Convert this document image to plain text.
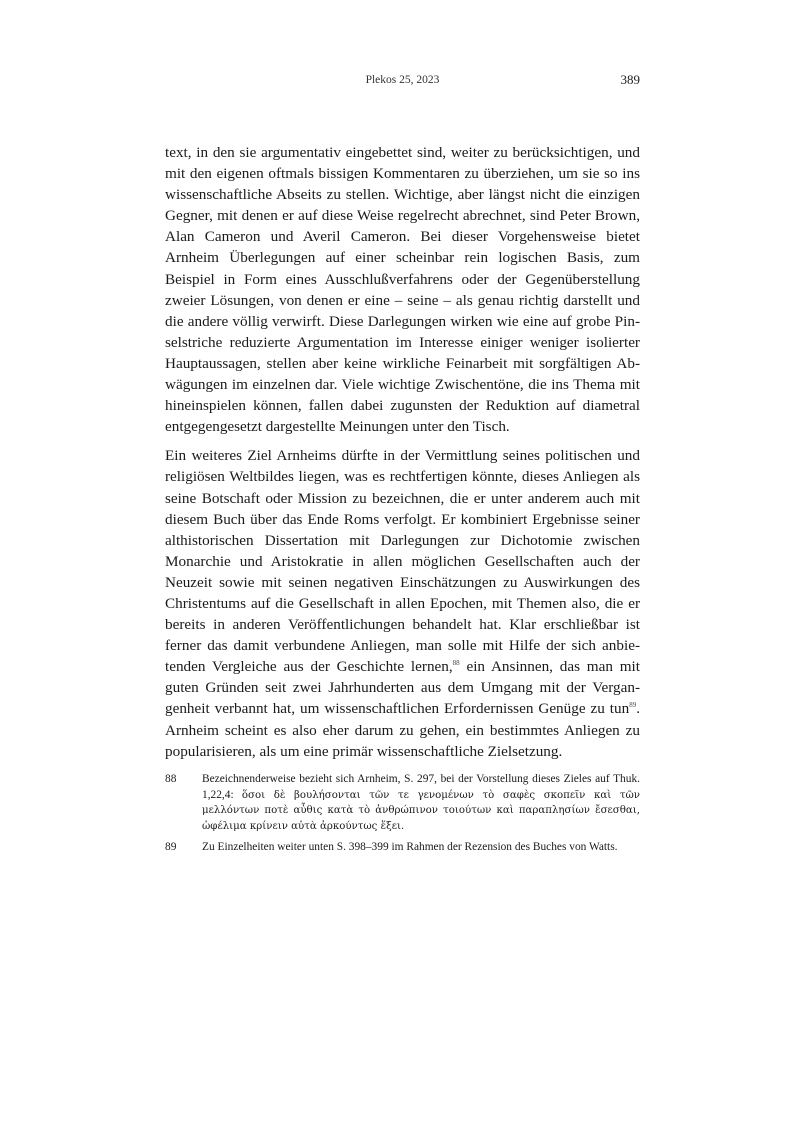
Plekos 25, 2023	389

text, in den sie argumentativ eingebettet sind, weiter zu berücksichtigen, und mit den eigenen oftmals bissigen Kommentaren zu überziehen, um sie so ins wissenschaftliche Abseits zu stellen. Wichtige, aber längst nicht die einzigen Gegner, mit denen er auf diese Weise regelrecht abrechnet, sind Peter Brown, Alan Cameron und Averil Cameron. Bei dieser Vorgehensweise bietet Arnheim Überlegungen auf einer scheinbar rein logischen Basis, zum Beispiel in Form eines Ausschlußverfahrens oder der Gegenüberstellung zweier Lösungen, von denen er eine – seine – als genau richtig darstellt und die andere völlig verwirft. Diese Darlegungen wirken wie eine auf grobe Pinselstriche reduzierte Argumentation im Interesse einiger weniger isolierter Hauptaussagen, stellen aber keine wirkliche Feinarbeit mit sorgfältigen Abwägungen im einzelnen dar. Viele wichtige Zwischentöne, die ins Thema mit hineinspielen können, fallen dabei zugunsten der Reduktion auf diametral entgegengesetzt dargestellte Meinungen unter den Tisch.

Ein weiteres Ziel Arnheims dürfte in der Vermittlung seines politischen und religiösen Weltbildes liegen, was es rechtfertigen könnte, dieses Anliegen als seine Botschaft oder Mission zu bezeichnen, die er unter anderem auch mit diesem Buch über das Ende Roms verfolgt. Er kombiniert Ergebnisse seiner althistorischen Dissertation mit Darlegungen zur Dichotomie zwischen Monarchie und Aristokratie in allen möglichen Gesellschaften auch der Neuzeit sowie mit seinen negativen Einschätzungen zu Auswirkungen des Christentums auf die Gesellschaft in allen Epochen, mit Themen also, die er bereits in anderen Veröffentlichungen behandelt hat. Klar erschließbar ist ferner das damit verbundene Anliegen, man solle mit Hilfe der sich anbietenden Vergleiche aus der Geschichte lernen,$^{88}$ ein Ansinnen, das man mit guten Gründen seit zwei Jahrhunderten aus dem Umgang mit der Vergangenheit verbannt hat, um wissenschaftlichen Erfordernissen Genüge zu tun$^{89}$. Arnheim scheint es also eher darum zu gehen, ein bestimmtes Anliegen zu popularisieren, als um eine primär wissenschaftliche Zielsetzung.

88	Bezeichnenderweise bezieht sich Arnheim, S. 297, bei der Vorstellung dieses Zieles auf Thuk. 1,22,4: ὅσοι δὲ βουλήσονται τῶν τε γενομένων τὸ σαφὲς σκοπεῖν καὶ τῶν μελλόντων ποτὲ αὖθις κατὰ τὸ ἀνθρώπινον τοιούτων καὶ παραπλησίων ἔσεσθαι, ὠφέλιμα κρίνειν αὐτὰ ἀρκούντως ἕξει.
89	Zu Einzelheiten weiter unten S. 398–399 im Rahmen der Rezension des Buches von Watts.
